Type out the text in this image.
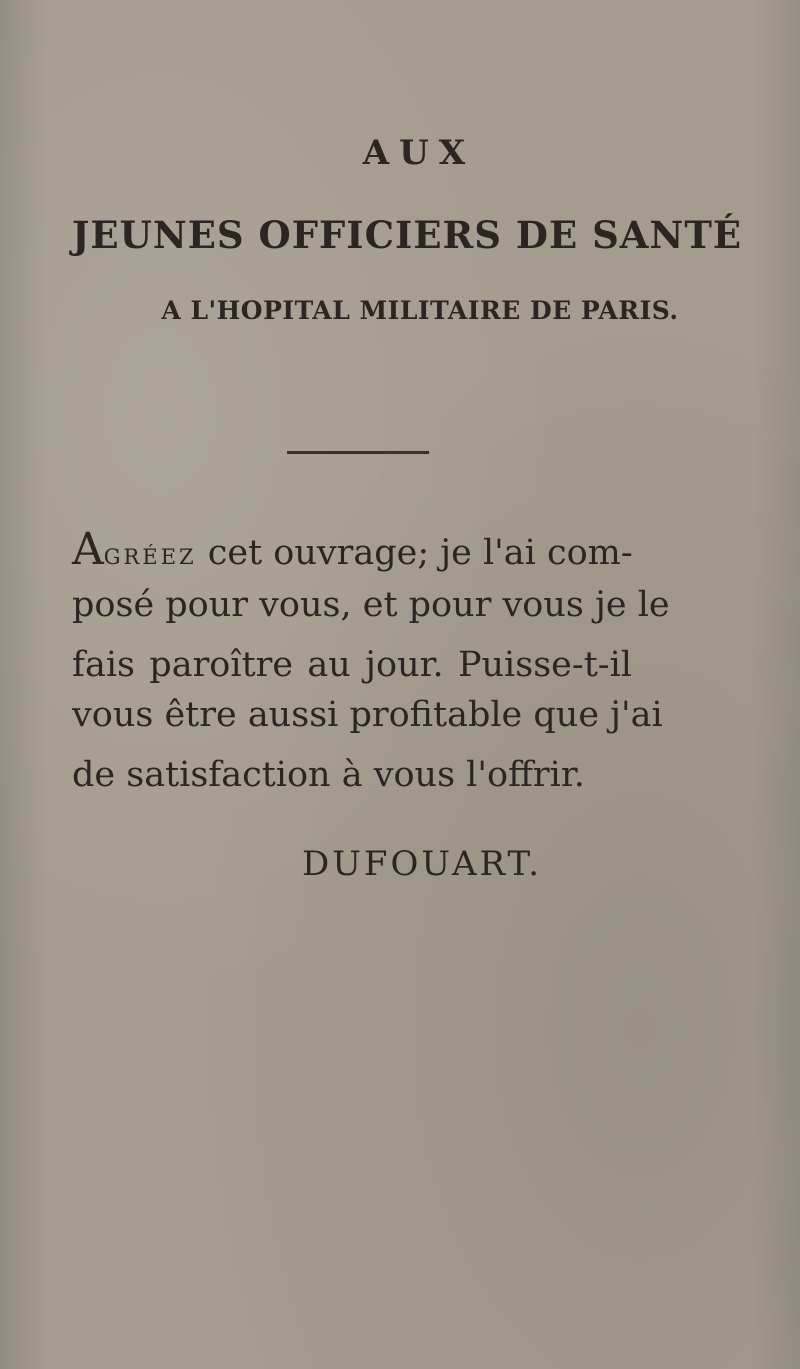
AUX
JEUNES OFFICIERS DE SANTÉ
A L'HOPITAL MILITAIRE DE PARIS.

AGRÉEZ cet ouvrage; je l'ai com-

posé pour vous, et pour vous je le

fais paroître au jour. Puisse-t-il

vous être aussi profitable que j'ai

de satisfaction à vous l'offrir.

DUFOUART.
